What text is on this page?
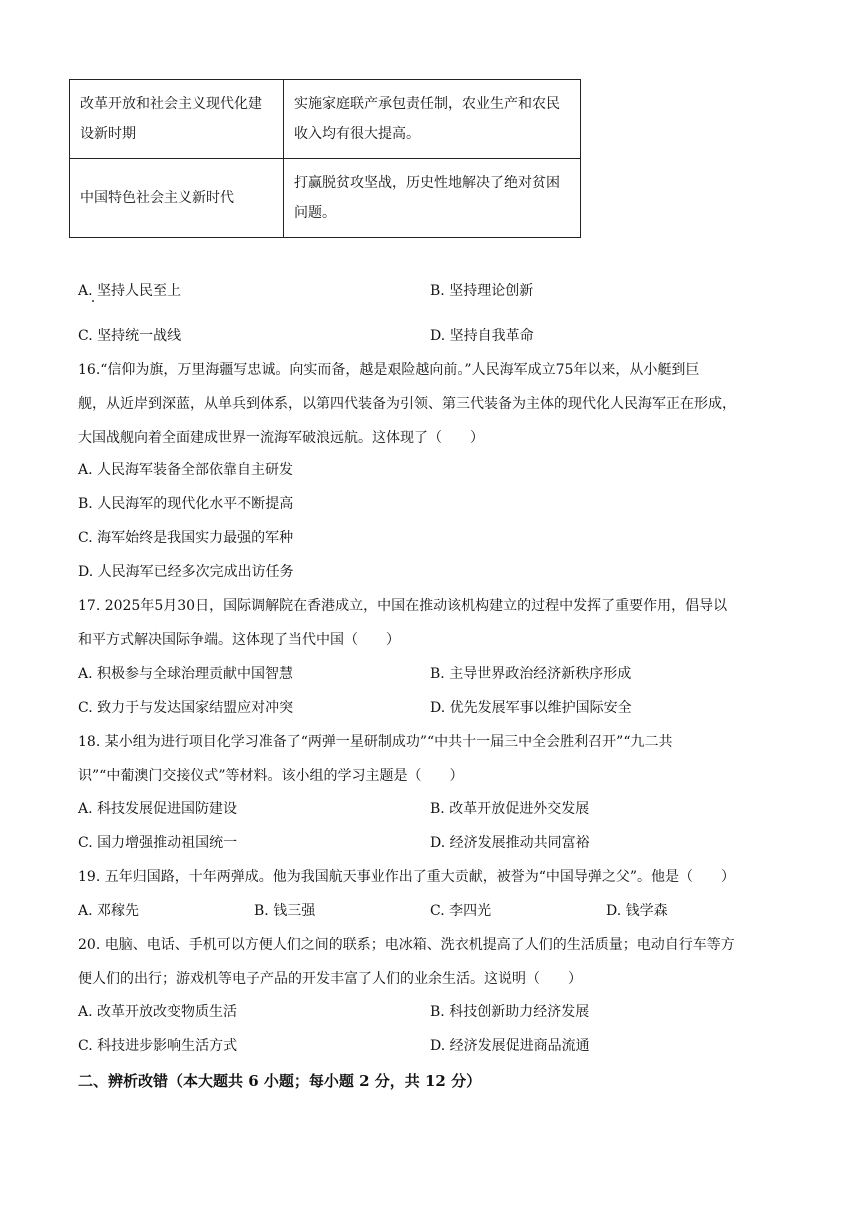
改革开放和社会主义现代化建设新时期	实施家庭联产承包责任制，农业生产和农民收入均有很大提高。
中国特色社会主义新时代	打赢脱贫攻坚战，历史性地解决了绝对贫困问题。
A. 坚持人民至上	B. 坚持理论创新
C. 坚持统一战线	D. 坚持自我革命
16.“信仰为旗，万里海疆写忠诚。向实而备，越是艰险越向前。”人民海军成立75年以来，从小艇到巨
舰，从近岸到深蓝，从单兵到体系，以第四代装备为引领、第三代装备为主体的现代化人民海军正在形成，
大国战舰向着全面建成世界一流海军破浪远航。这体现了（　　）
A. 人民海军装备全部依靠自主研发
B. 人民海军的现代化水平不断提高
C. 海军始终是我国实力最强的军种
D. 人民海军已经多次完成出访任务
17. 2025年5月30日，国际调解院在香港成立，中国在推动该机构建立的过程中发挥了重要作用，倡导以
和平方式解决国际争端。这体现了当代中国（　　）
A. 积极参与全球治理贡献中国智慧	B. 主导世界政治经济新秩序形成
C. 致力于与发达国家结盟应对冲突	D. 优先发展军事以维护国际安全
18. 某小组为进行项目化学习准备了“两弹一星研制成功”“中共十一届三中全会胜利召开”“九二共
识”“中葡澳门交接仪式”等材料。该小组的学习主题是（　　）
A. 科技发展促进国防建设	B. 改革开放促进外交发展
C. 国力增强推动祖国统一	D. 经济发展推动共同富裕
19. 五年归国路，十年两弹成。他为我国航天事业作出了重大贡献，被誉为“中国导弹之父”。他是（　　）
A. 邓稼先	B. 钱三强	C. 李四光	D. 钱学森
20. 电脑、电话、手机可以方便人们之间的联系；电冰箱、洗衣机提高了人们的生活质量；电动自行车等方
便人们的出行；游戏机等电子产品的开发丰富了人们的业余生活。这说明（　　）
A. 改革开放改变物质生活	B. 科技创新助力经济发展
C. 科技进步影响生活方式	D. 经济发展促进商品流通
二、辨析改错（本大题共 6 小题；每小题 2 分，共 12 分）
